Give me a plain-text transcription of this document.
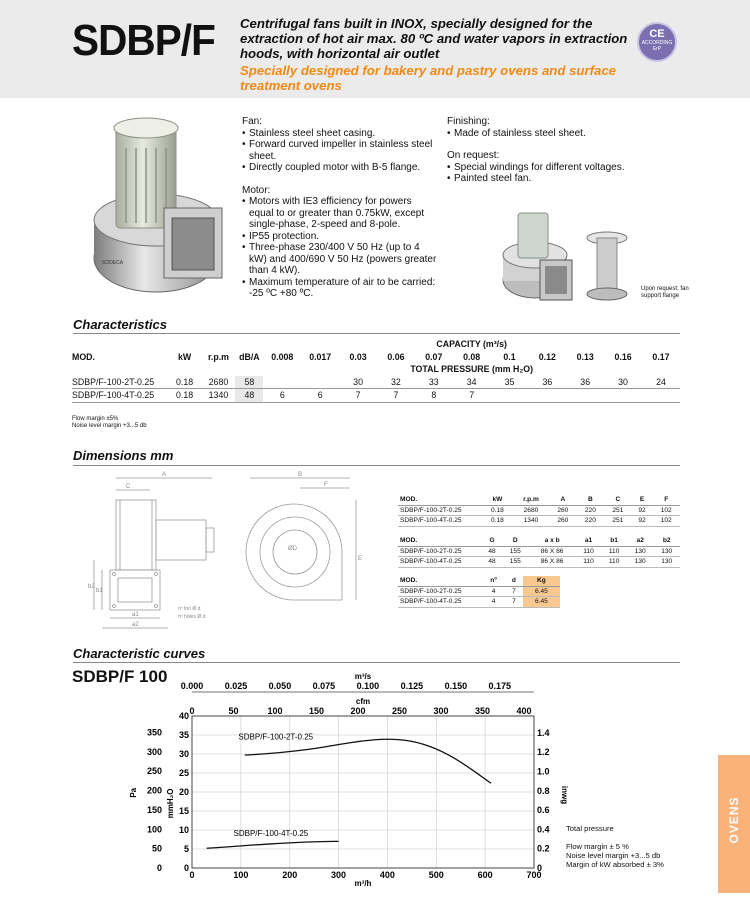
SDBP/F Centrifugal fans built in INOX, specially designed for the extraction of hot air max. 80 ºC and water vapors in extraction hoods, with horizontal air outlet
Specially designed for bakery and pastry ovens and surface treatment ovens
CE
ACCORDING
ErP
SODECA

Fan:

• Stainless steel sheet casing.
• Forward curved impeller in stainless steel sheet.
• Directly coupled motor with B-5 flange.

Motor:

• Motors with IE3 efficiency for powers equal to or greater than 0.75kW, except single-phase, 2-speed and 8-pole.
• IP55 protection.
• Three-phase 230/400 V 50 Hz (up to 4 kW) and 400/690 V 50 Hz (powers greater than 4 kW).
• Maximum temperature of air to be carried: -25 ºC +80 ºC.

Finishing:

• Made of stainless steel sheet.

On request:

• Special windings for different voltages.
• Painted steel fan.
Upon request: fan support flange
Characteristics
				CAPACITY (m³/s)										
MOD.	kW	r.p.m	dB/A	0.008	0.017	0.03	0.06	0.07	0.08	0.1	0.12	0.13	0.16	0.17
				TOTAL PRESSURE (mm H₂O)										
SDBP/F-100-2T-0.25	0.18	2680	58			30	32	33	34	35	36	36	30	24
SDBP/F-100-4T-0.25	0.18	1340	48	6	6	7	7	8	7					
Flow margin ±5%
Noise level margin +3...5 db
Dimensions mm
A
C
b2
b1
a1
a2
nº fori Ø d
nº holes Ø d
B
F
ØD
E
MOD.	kW	r.p.m	A	B	C	E	F
SDBP/F-100-2T-0.25	0.18	2680	260	220	251	92	102
SDBP/F-100-4T-0.25	0.18	1340	260	220	251	92	102
MOD.	G	D	a x b	a1	b1	a2	b2
SDBP/F-100-2T-0.25	48	155	86 X 86	110	110	130	130
SDBP/F-100-4T-0.25	48	155	86 X 86	110	110	130	130
MOD.	nº	d	Kg
SDBP/F-100-2T-0.25	4	7	6.45
SDBP/F-100-4T-0.25	4	7	6.45
Characteristic curves
SDBP/F 100
0	100	200	300	400	500	600	700
m³/h
0
5
10
15
20
25
30
35
40
mmH₂O
0
50
100
150
200
250
300
350
Pa
0
0.2
0.4
0.6
0.8
1.0
1.2
1.4
inwg
0.000 0.025 0.050 0.075 0.100 0.125 0.150 0.175
m³/s
0	50	100	150	200	250	300	350	400
cfm
SDBP/F-100-2T-0.25
SDBP/F-100-4T-0.25
Total pressure
Flow margin ± 5 %
Noise level margin +3...5 db
Margin of kW absorbed ± 3%
OVENS
